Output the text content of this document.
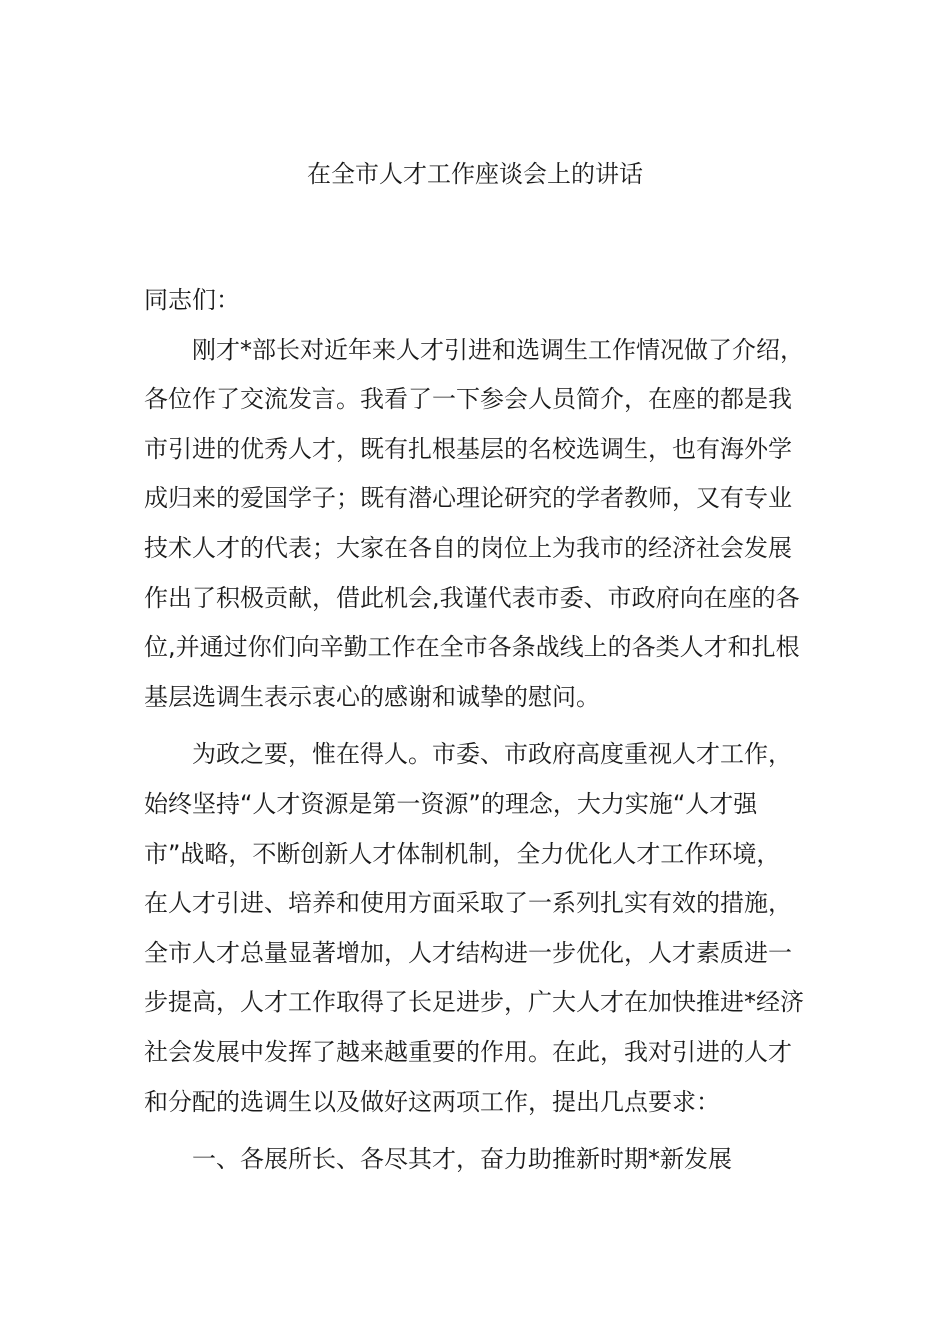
在全市人才工作座谈会上的讲话
同志们：
刚才*部长对近年来人才引进和选调生工作情况做了介绍，
各位作了交流发言。我看了一下参会人员简介，在座的都是我
市引进的优秀人才，既有扎根基层的名校选调生，也有海外学
成归来的爱国学子；既有潜心理论研究的学者教师，又有专业
技术人才的代表；大家在各自的岗位上为我市的经济社会发展
作出了积极贡献，借此机会,我谨代表市委、市政府向在座的各
位,并通过你们向辛勤工作在全市各条战线上的各类人才和扎根
基层选调生表示衷心的感谢和诚挚的慰问。
为政之要，惟在得人。市委、市政府高度重视人才工作，
始终坚持“人才资源是第一资源”的理念，大力实施“人才强
市”战略，不断创新人才体制机制，全力优化人才工作环境，
在人才引进、培养和使用方面采取了一系列扎实有效的措施，
全市人才总量显著增加，人才结构进一步优化，人才素质进一
步提高，人才工作取得了长足进步，广大人才在加快推进*经济
社会发展中发挥了越来越重要的作用。在此，我对引进的人才
和分配的选调生以及做好这两项工作，提出几点要求：
一、各展所长、各尽其才，奋力助推新时期*新发展
